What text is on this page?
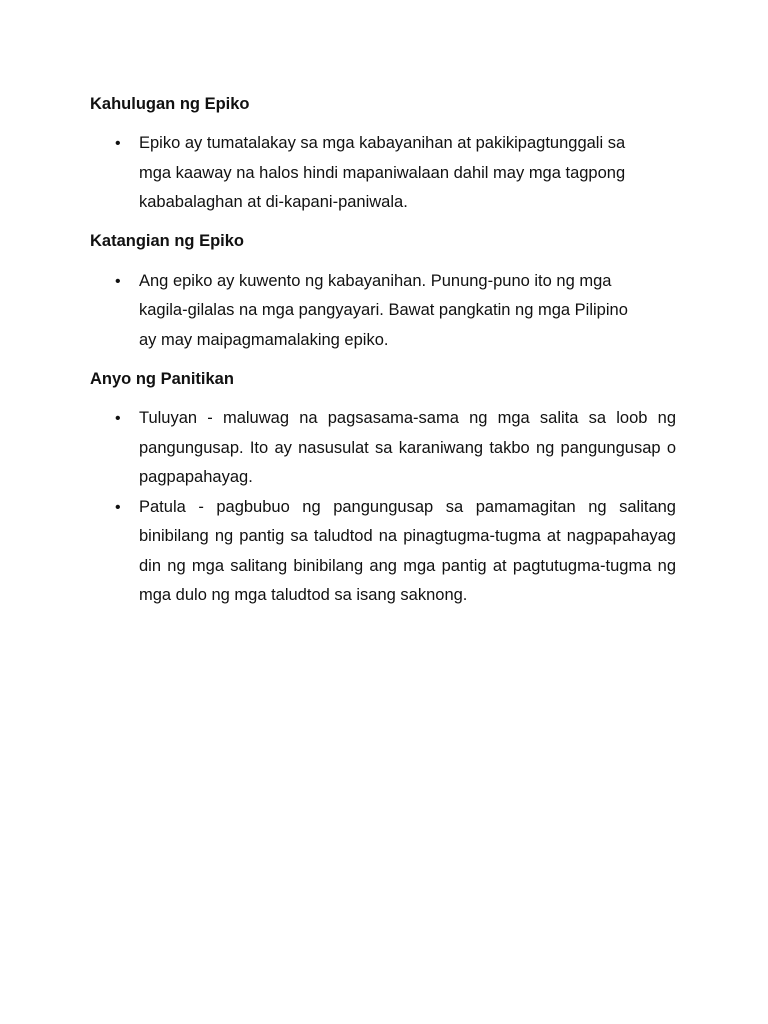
Kahulugan ng Epiko
• Epiko ay tumatalakay sa mga kabayanihan at pakikipagtunggali sa mga kaaway na halos hindi mapaniwalaan dahil may mga tagpong kababalaghan at di-kapani-paniwala.
Katangian ng Epiko
• Ang epiko ay kuwento ng kabayanihan. Punung-puno ito ng mga kagila-gilalas na mga pangyayari. Bawat pangkatin ng mga Pilipino ay may maipagmamalaking epiko.
Anyo ng Panitikan
• Tuluyan - maluwag na pagsasama-sama ng mga salita sa loob ng pangungusap. Ito ay nasusulat sa karaniwang takbo ng pangungusap o pagpapahayag.
• Patula - pagbubuo ng pangungusap sa pamamagitan ng salitang binibilang ng pantig sa taludtod na pinagtugma-tugma at nagpapahayag din ng mga salitang binibilang ang mga pantig at pagtutugma-tugma ng mga dulo ng mga taludtod sa isang saknong.
